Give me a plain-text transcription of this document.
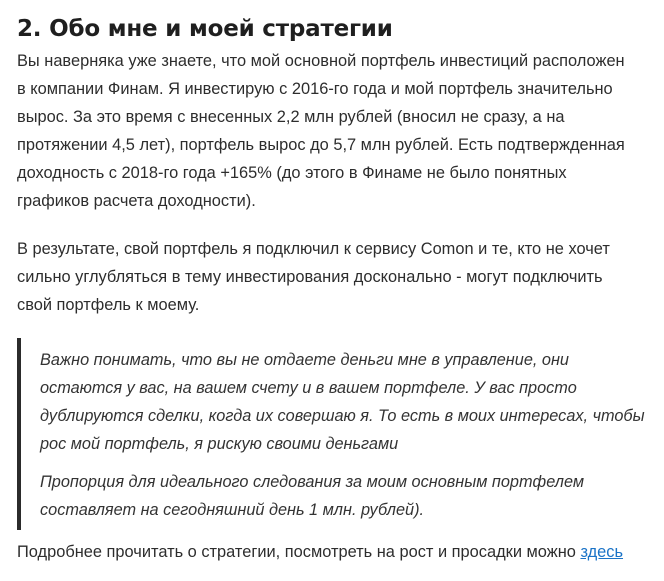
2. Обо мне и моей стратегии

Вы наверняка уже знаете, что мой основной портфель инвестиций расположен
в компании Финам. Я инвестирую с 2016-го года и мой портфель значительно
вырос. За это время с внесенных 2,2 млн рублей (вносил не сразу, а на
протяжении 4,5 лет), портфель вырос до 5,7 млн рублей. Есть подтвержденная
доходность с 2018-го года +165% (до этого в Финаме не было понятных
графиков расчета доходности).

В результате, свой портфель я подключил к сервису Comon и те, кто не хочет
сильно углубляться в тему инвестирования досконально - могут подключить
свой портфель к моему.

Важно понимать, что вы не отдаете деньги мне в управление, они
остаются у вас, на вашем счету и в вашем портфеле. У вас просто
дублируются сделки, когда их совершаю я. То есть в моих интересах, чтобы
рос мой портфель, я рискую своими деньгами

Пропорция для идеального следования за моим основным портфелем
составляет на сегодняшний день 1 млн. рублей).

Подробнее прочитать о стратегии, посмотреть на рост и просадки можно здесь
